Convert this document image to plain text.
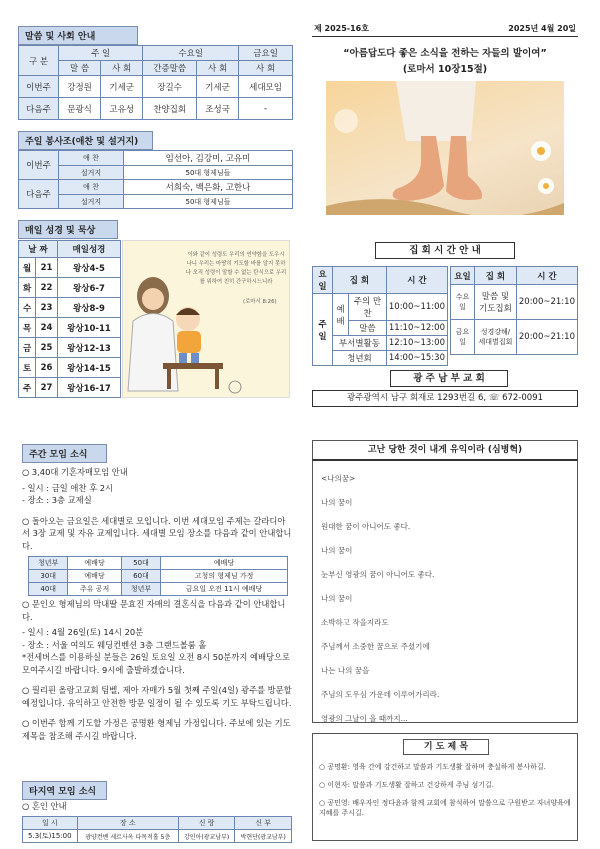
말씀 및 사회 안내
구 분	주 일		수요일		금요일
	말 씀	사 회	간증말씀	사 회	사 회
이번주	강정원	기세군	장길수	기세군	세대모임
다음주	문광식	고유성	찬양집회	조성국	-
주일 봉사조(애찬 및 설거지)
이번주	애 찬	임선아, 김강미, 고유미
	설거지	50대 형제님들
다음주	애 찬	서희숙, 백은화, 고한나
	설거지	50대 형제님들
매일 성경 및 묵상
날 짜		매일성경
월	21	왕상4-5
화	22	왕상6-7
수	23	왕상8-9
목	24	왕상10-11
금	25	왕상12-13
토	26	왕상14-15
주	27	왕상16-17
이와 같이 성령도 우리의 연약함을 도우시나니 우리는 마땅히 기도할 바를 알지 못하나 오직 성령이 말할 수 없는 탄식으로 우리를 위하여 친히 간구하시느니라
(로마서 8:26)
제 2025-16호	2025년 4월 20일
“아름답도다 좋은 소식을 전하는 자들의 발이여”
(로마서 10장15절)
집 회 시 간 안 내
요일	집 회		시 간
주일	예배	주의 만찬	10:00~11:00
		말씀	11:10~12:00
	부서별활동		12:10~13:00
	청년회		14:00~15:30
요일	집 회	시 간
수요일	말씀 및 기도집회	20:00~21:10
금요일	성경강해/ 세대별집회	20:00~21:10
광 주 남 부 교 회
광주광역시 남구 회재로 1293번길 6, ☏ 672-0091
주간 모임 소식
○ 3,40대 기혼자매모임 안내
- 일시 : 금일 애찬 후 2시
- 장소 : 3층 교제실
○ 돌아오는 금요일은 세대별로 모입니다. 이번 세대모임 주제는 갈라디아서 3장 교제 및 자유 교제입니다. 세대별 모임 장소를 다음과 같이 안내합니다.
청년부	예배당	50대	예배당
30대	예배당	60대	고청의 형제님 가정
40대	주유 공저	청년부	금요일 오전 11시 예배당
○ 문인오 형제님의 막내딸 문효진 자매의 결혼식을 다음과 같이 안내합니다.
- 일시 : 4월 26일(토) 14시 20분
- 장소 : 서울 여의도 웨딩컨벤션 3층 그랜드볼룸 홀
*전세버스를 이용하실 분들은 26일 토요일 오전 8시 50분까지 예배당으로 모여주시길 바랍니다. 9시에 출발하겠습니다.
○ 필리핀 올랑고교회 팀벨, 제아 자매가 5월 첫째 주일(4일) 광주를 방문할 예정입니다. 유익하고 안전한 방문 일정이 될 수 있도록 기도 부탁드립니다.
○ 이번주 함께 기도할 가정은 공명환 형제님 가정입니다. 주보에 있는 기도제목을 참조해 주시길 바랍니다.
타지역 모임 소식
○ 혼인 안내
일 시	장 소	신 랑	신 부
5.3(토)15:00	광양컨벤 세르사옥 다목적홀 5층	강인아(광교남부)	박현단(광교남부)
고난 당한 것이 내게 유익이라 (심병혁)
<나의꿈>
나의 꿈이
원대한 꿈이 아니어도 좋다.
나의 꿈이
눈부신 영광의 꿈이 아니어도 좋다.
나의 꿈이
소박하고 작을지라도
주님께서 소중한 꿈으로 주셨기에
나는 나의 꿈을
주님의 도우심 가운데 이루어가리라.
영광의 그날이 올 때까지...
기 도 제 목
○ 공명환: 영육 간에 강건하고 말씀과 기도생활 잘하며 충실하게 봉사하길.
○ 이현자: 말씀과 기도생활 잘하고 건강하게 주님 섬기길.
○ 공민영: 배우자인 정다윤과 함께 교회에 참석하여 말씀으로 구원받고 자녀양육에 지혜를 주시길.
